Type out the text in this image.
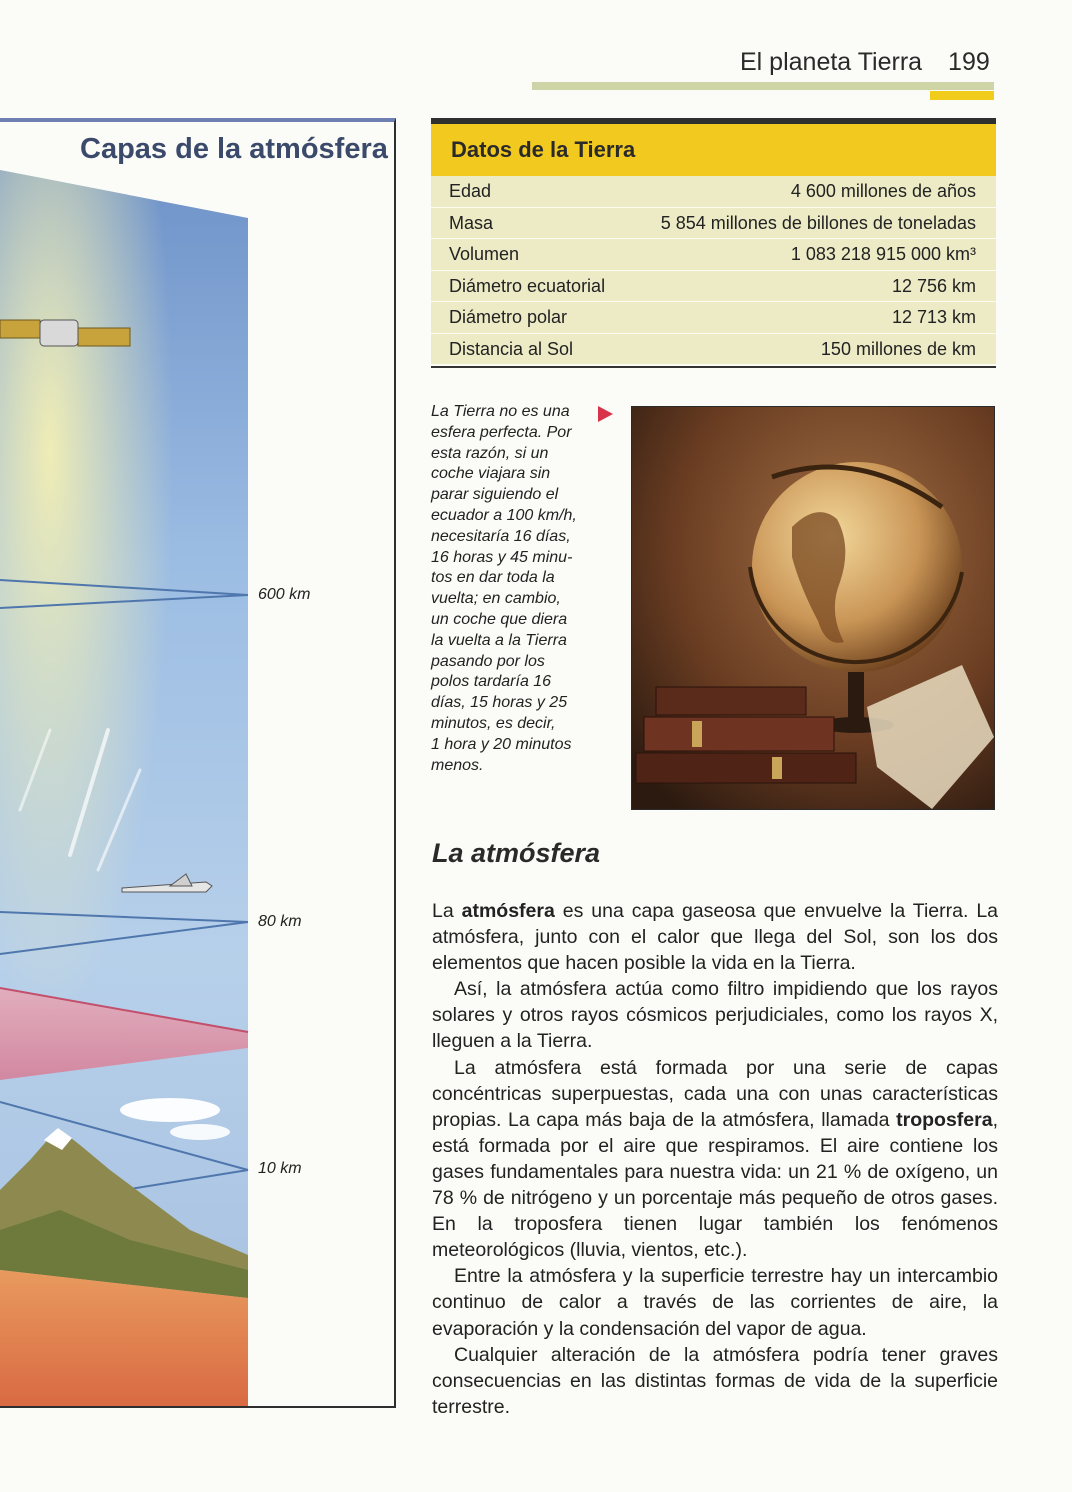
El planeta Tierra 199
Capas de la atmósfera
600 km
80 km
10 km
Datos de la Tierra
Edad	4 600 millones de años
Masa	5 854 millones de billones de toneladas
Volumen	1 083 218 915 000 km³
Diámetro ecuatorial	12 756 km
Diámetro polar	12 713 km
Distancia al Sol	150 millones de km
La Tierra no es una
esfera perfecta. Por
esta razón, si un
coche viajara sin
parar siguiendo el
ecuador a 100 km/h,
necesitaría 16 días,
16 horas y 45 minu-
tos en dar toda la
vuelta; en cambio,
un coche que diera
la vuelta a la Tierra
pasando por los
polos tardaría 16
días, 15 horas y 25
minutos, es decir,
1 hora y 20 minutos
menos.
La atmósfera

La atmósfera es una capa gaseosa que envuelve la Tierra. La atmósfera, junto con el calor que llega del Sol, son los dos elementos que hacen posible la vida en la Tierra.

Así, la atmósfera actúa como filtro impidiendo que los rayos solares y otros rayos cósmicos perjudiciales, como los rayos X, lleguen a la Tierra.

La atmósfera está formada por una serie de capas concéntricas superpuestas, cada una con unas características propias. La capa más baja de la atmósfera, llamada troposfera, está formada por el aire que respiramos. El aire contiene los gases fundamentales para nuestra vida: un 21 % de oxígeno, un 78 % de nitrógeno y un porcentaje más pequeño de otros gases. En la troposfera tienen lugar también los fenómenos meteorológicos (lluvia, vientos, etc.).

Entre la atmósfera y la superficie terrestre hay un intercambio continuo de calor a través de las corrientes de aire, la evaporación y la condensación del vapor de agua.

Cualquier alteración de la atmósfera podría tener graves consecuencias en las distintas formas de vida de la superficie terrestre.
